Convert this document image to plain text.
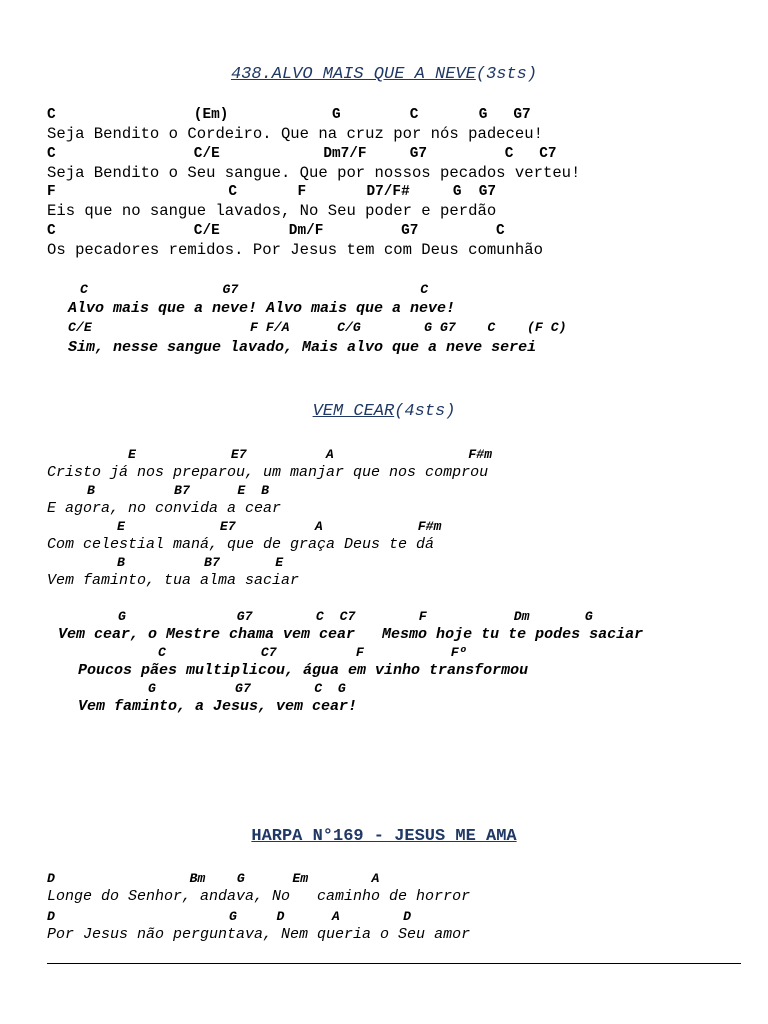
438.ALVO MAIS QUE A NEVE(3sts)
C                (Em)            G        C       G   G7
Seja Bendito o Cordeiro. Que na cruz por nós padeceu!
C                C/E            Dm7/F     G7         C   C7
Seja Bendito o Seu sangue. Que por nossos pecados verteu!
F                    C       F       D7/F#     G  G7
Eis que no sangue lavados, No Seu poder e perdão
C                C/E        Dm/F         G7         C
Os pecadores remidos. Por Jesus tem com Deus comunhão
C                 G7                       C
Alvo mais que a neve! Alvo mais que a neve!
C/E                    F F/A      C/G        G G7    C    (F C)
Sim, nesse sangue lavado, Mais alvo que a neve serei
VEM CEAR(4sts)
E            E7          A                 F#m
Cristo já nos preparou, um manjar que nos comprou
B          B7      E  B
E agora, no convida a cear
E            E7          A            F#m
Com celestial maná, que de graça Deus te dá
B          B7       E
Vem faminto, tua alma saciar
G              G7        C  C7        F           Dm       G
Vem cear, o Mestre chama vem cear   Mesmo hoje tu te podes saciar
C            C7          F           Fº
Poucos pães multiplicou, água em vinho transformou
G          G7        C  G
Vem faminto, a Jesus, vem cear!
HARPA N°169 - JESUS ME AMA
D                 Bm    G      Em        A
Longe do Senhor, andava, No   caminho de horror
D                      G     D      A        D
Por Jesus não perguntava, Nem queria o Seu amor
